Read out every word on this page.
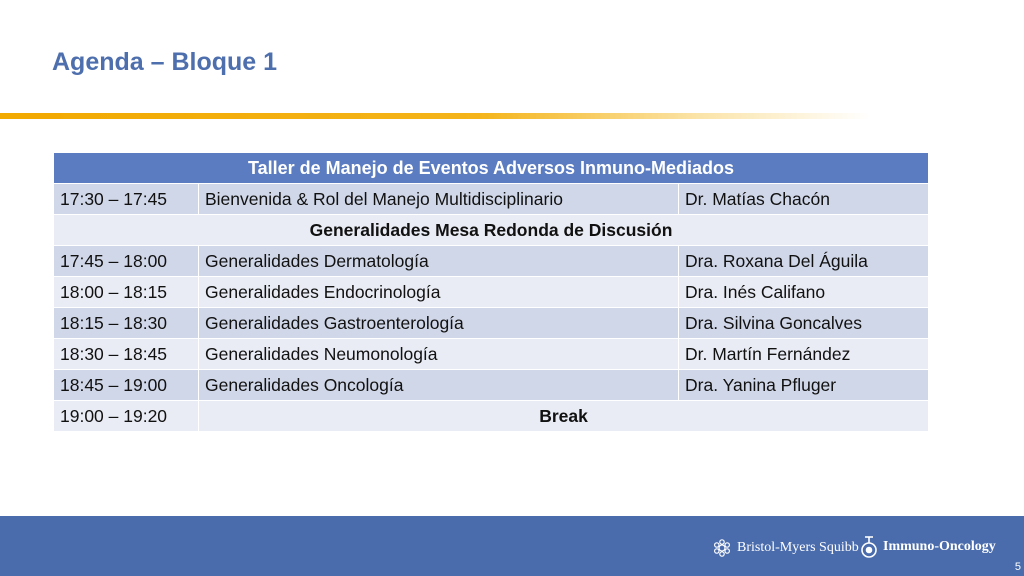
Agenda – Bloque 1
Taller de Manejo de Eventos Adversos Inmuno-Mediados		
17:30 – 17:45	Bienvenida & Rol del Manejo Multidisciplinario	Dr. Matías Chacón
Generalidades Mesa Redonda de Discusión		
17:45 – 18:00	Generalidades Dermatología	Dra. Roxana Del Águila
18:00 – 18:15	Generalidades Endocrinología	Dra. Inés Califano
18:15 – 18:30	Generalidades Gastroenterología	Dra. Silvina Goncalves
18:30 – 18:45	Generalidades Neumonología	Dr. Martín Fernández
18:45 – 19:00	Generalidades Oncología	Dra. Yanina Pfluger
19:00 – 19:20	Break	
Bristol-Myers Squibb Immuno-Oncology
5
